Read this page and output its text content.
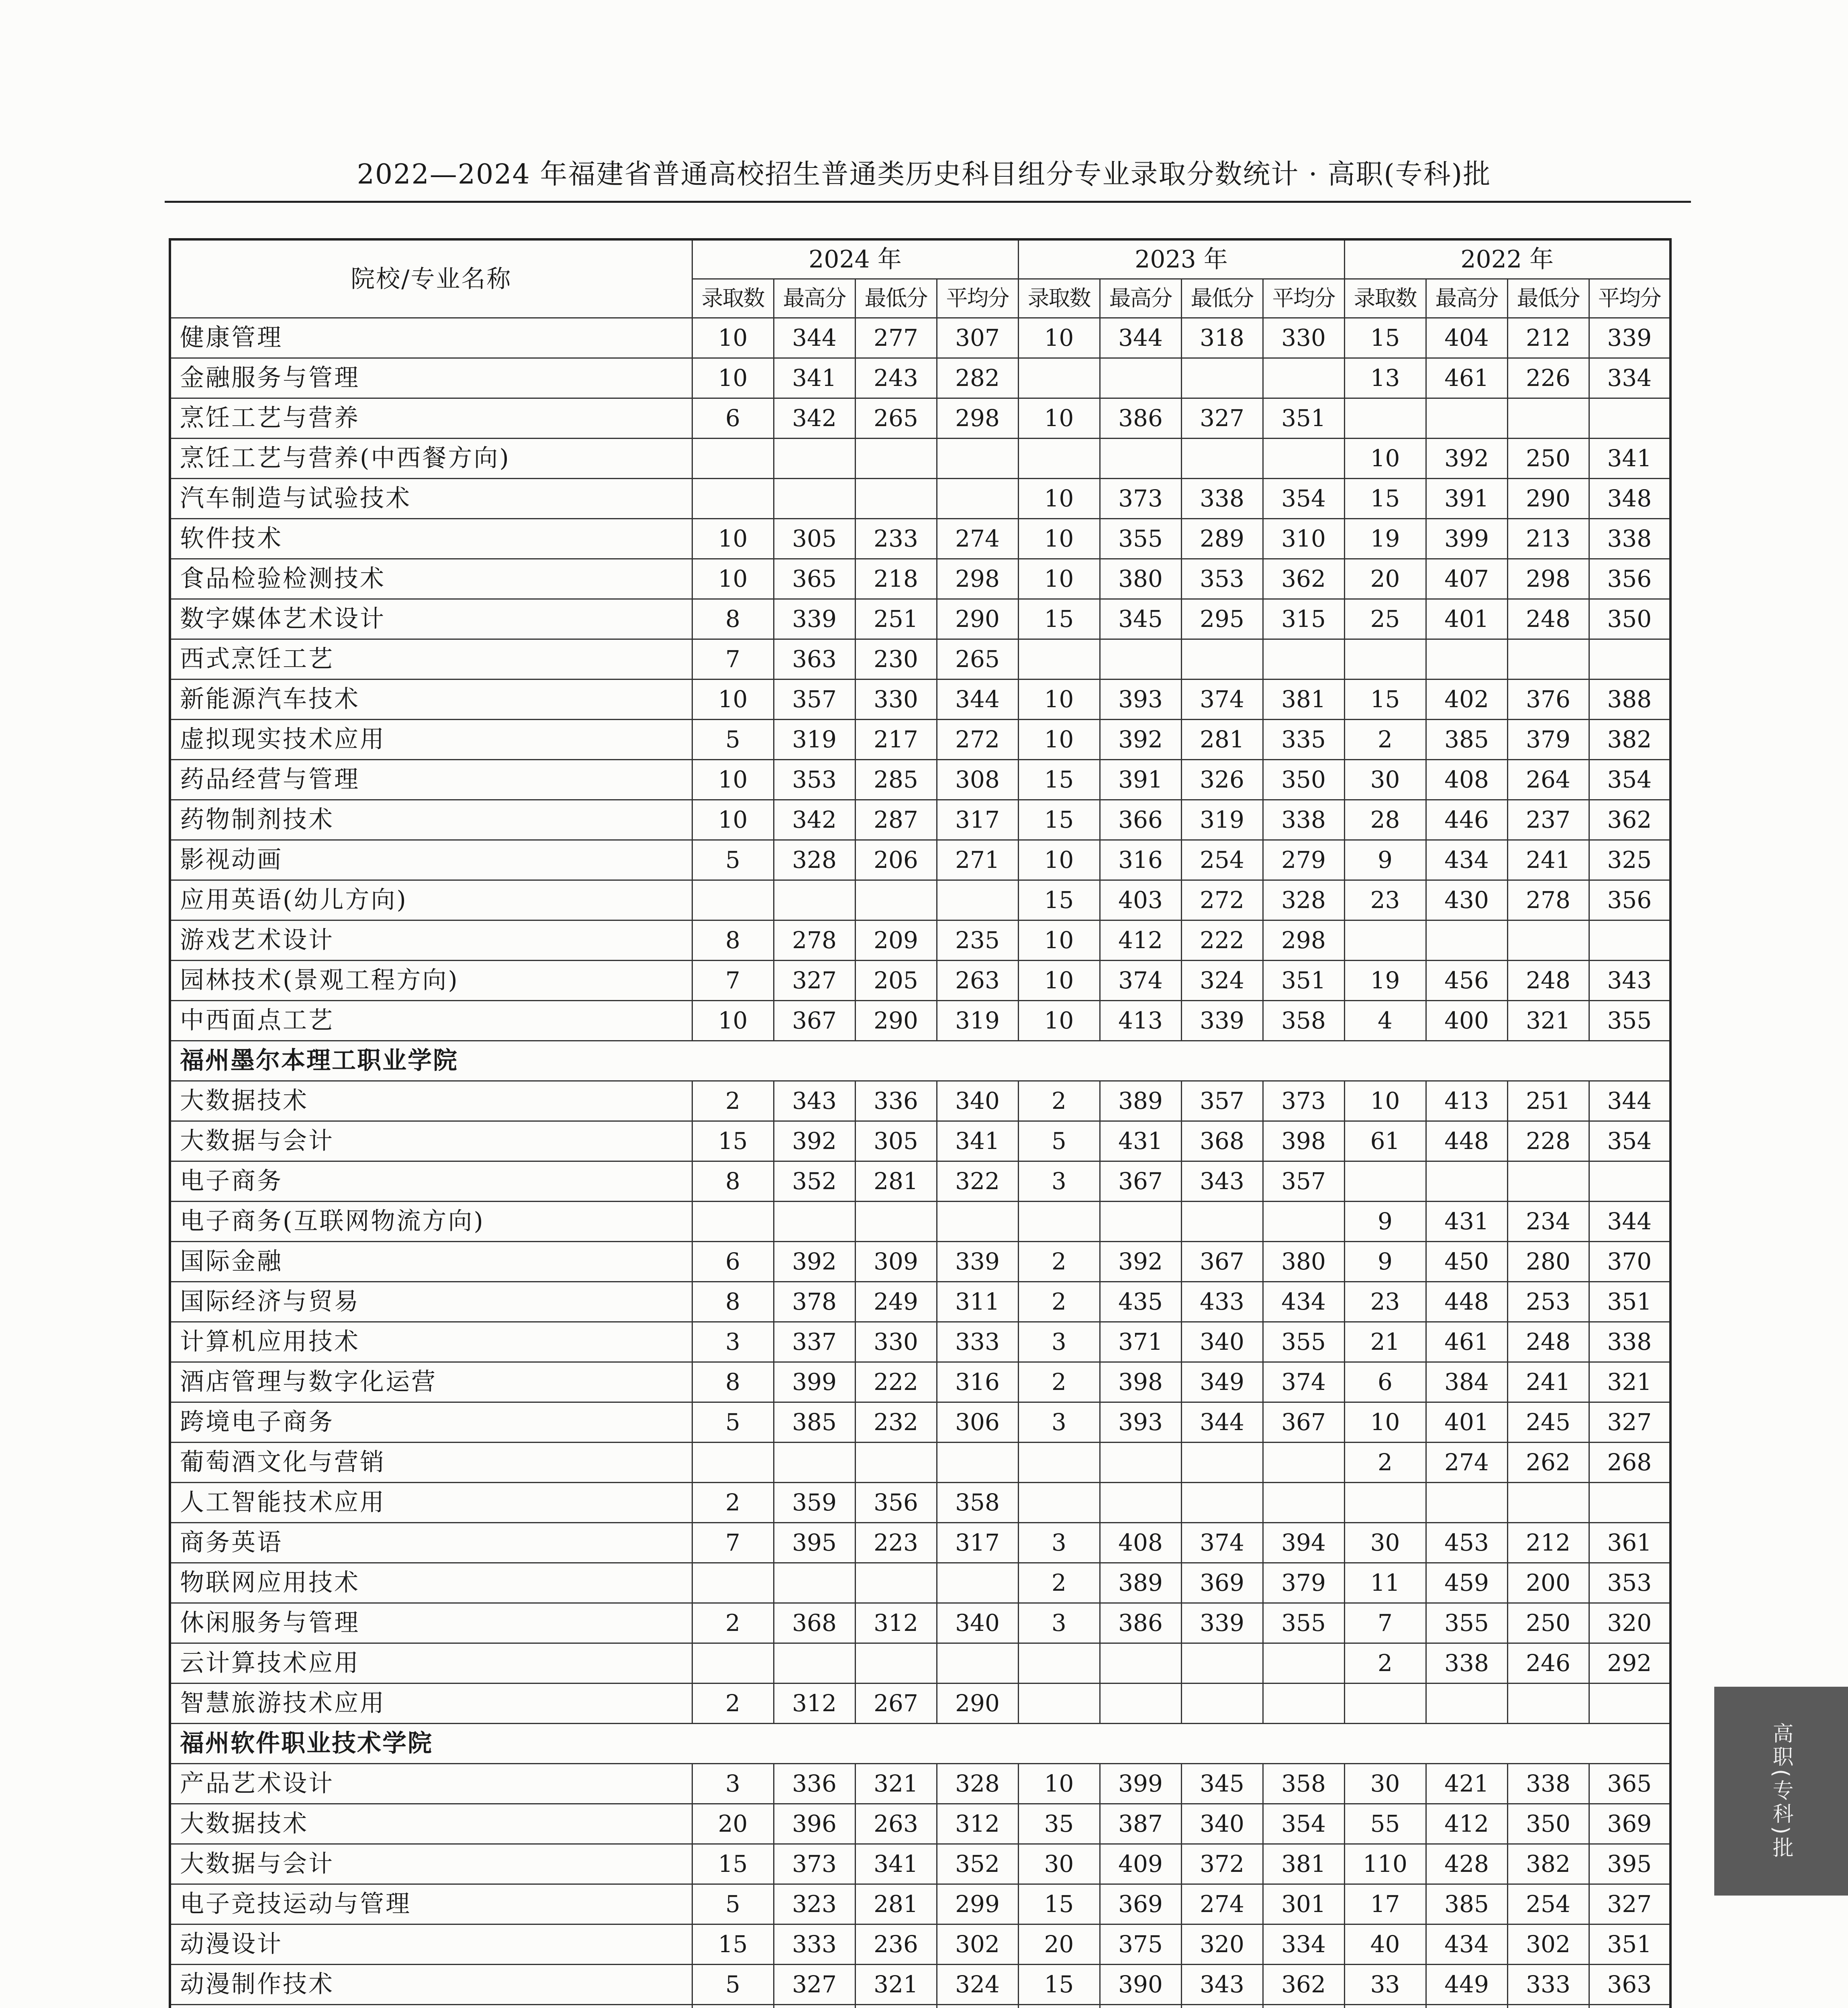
2022—2024 年福建省普通高校招生普通类历史科目组分专业录取分数统计 · 高职(专科)批
院校/专业名称	2024 年				2023 年				2022 年			
	录取数	最高分	最低分	平均分	录取数	最高分	最低分	平均分	录取数	最高分	最低分	平均分
健康管理	10	344	277	307	10	344	318	330	15	404	212	339
金融服务与管理	10	341	243	282					13	461	226	334
烹饪工艺与营养	6	342	265	298	10	386	327	351				
烹饪工艺与营养(中西餐方向)									10	392	250	341
汽车制造与试验技术					10	373	338	354	15	391	290	348
软件技术	10	305	233	274	10	355	289	310	19	399	213	338
食品检验检测技术	10	365	218	298	10	380	353	362	20	407	298	356
数字媒体艺术设计	8	339	251	290	15	345	295	315	25	401	248	350
西式烹饪工艺	7	363	230	265								
新能源汽车技术	10	357	330	344	10	393	374	381	15	402	376	388
虚拟现实技术应用	5	319	217	272	10	392	281	335	2	385	379	382
药品经营与管理	10	353	285	308	15	391	326	350	30	408	264	354
药物制剂技术	10	342	287	317	15	366	319	338	28	446	237	362
影视动画	5	328	206	271	10	316	254	279	9	434	241	325
应用英语(幼儿方向)					15	403	272	328	23	430	278	356
游戏艺术设计	8	278	209	235	10	412	222	298				
园林技术(景观工程方向)	7	327	205	263	10	374	324	351	19	456	248	343
中西面点工艺	10	367	290	319	10	413	339	358	4	400	321	355
福州墨尔本理工职业学院												
大数据技术	2	343	336	340	2	389	357	373	10	413	251	344
大数据与会计	15	392	305	341	5	431	368	398	61	448	228	354
电子商务	8	352	281	322	3	367	343	357				
电子商务(互联网物流方向)									9	431	234	344
国际金融	6	392	309	339	2	392	367	380	9	450	280	370
国际经济与贸易	8	378	249	311	2	435	433	434	23	448	253	351
计算机应用技术	3	337	330	333	3	371	340	355	21	461	248	338
酒店管理与数字化运营	8	399	222	316	2	398	349	374	6	384	241	321
跨境电子商务	5	385	232	306	3	393	344	367	10	401	245	327
葡萄酒文化与营销									2	274	262	268
人工智能技术应用	2	359	356	358								
商务英语	7	395	223	317	3	408	374	394	30	453	212	361
物联网应用技术					2	389	369	379	11	459	200	353
休闲服务与管理	2	368	312	340	3	386	339	355	7	355	250	320
云计算技术应用									2	338	246	292
智慧旅游技术应用	2	312	267	290								
福州软件职业技术学院												
产品艺术设计	3	336	321	328	10	399	345	358	30	421	338	365
大数据技术	20	396	263	312	35	387	340	354	55	412	350	369
大数据与会计	15	373	341	352	30	409	372	381	110	428	382	395
电子竞技运动与管理	5	323	281	299	15	369	274	301	17	385	254	327
动漫设计	15	333	236	302	20	375	320	334	40	434	302	351
动漫制作技术	5	327	321	324	15	390	343	362	33	449	333	363

高职(专科)批
